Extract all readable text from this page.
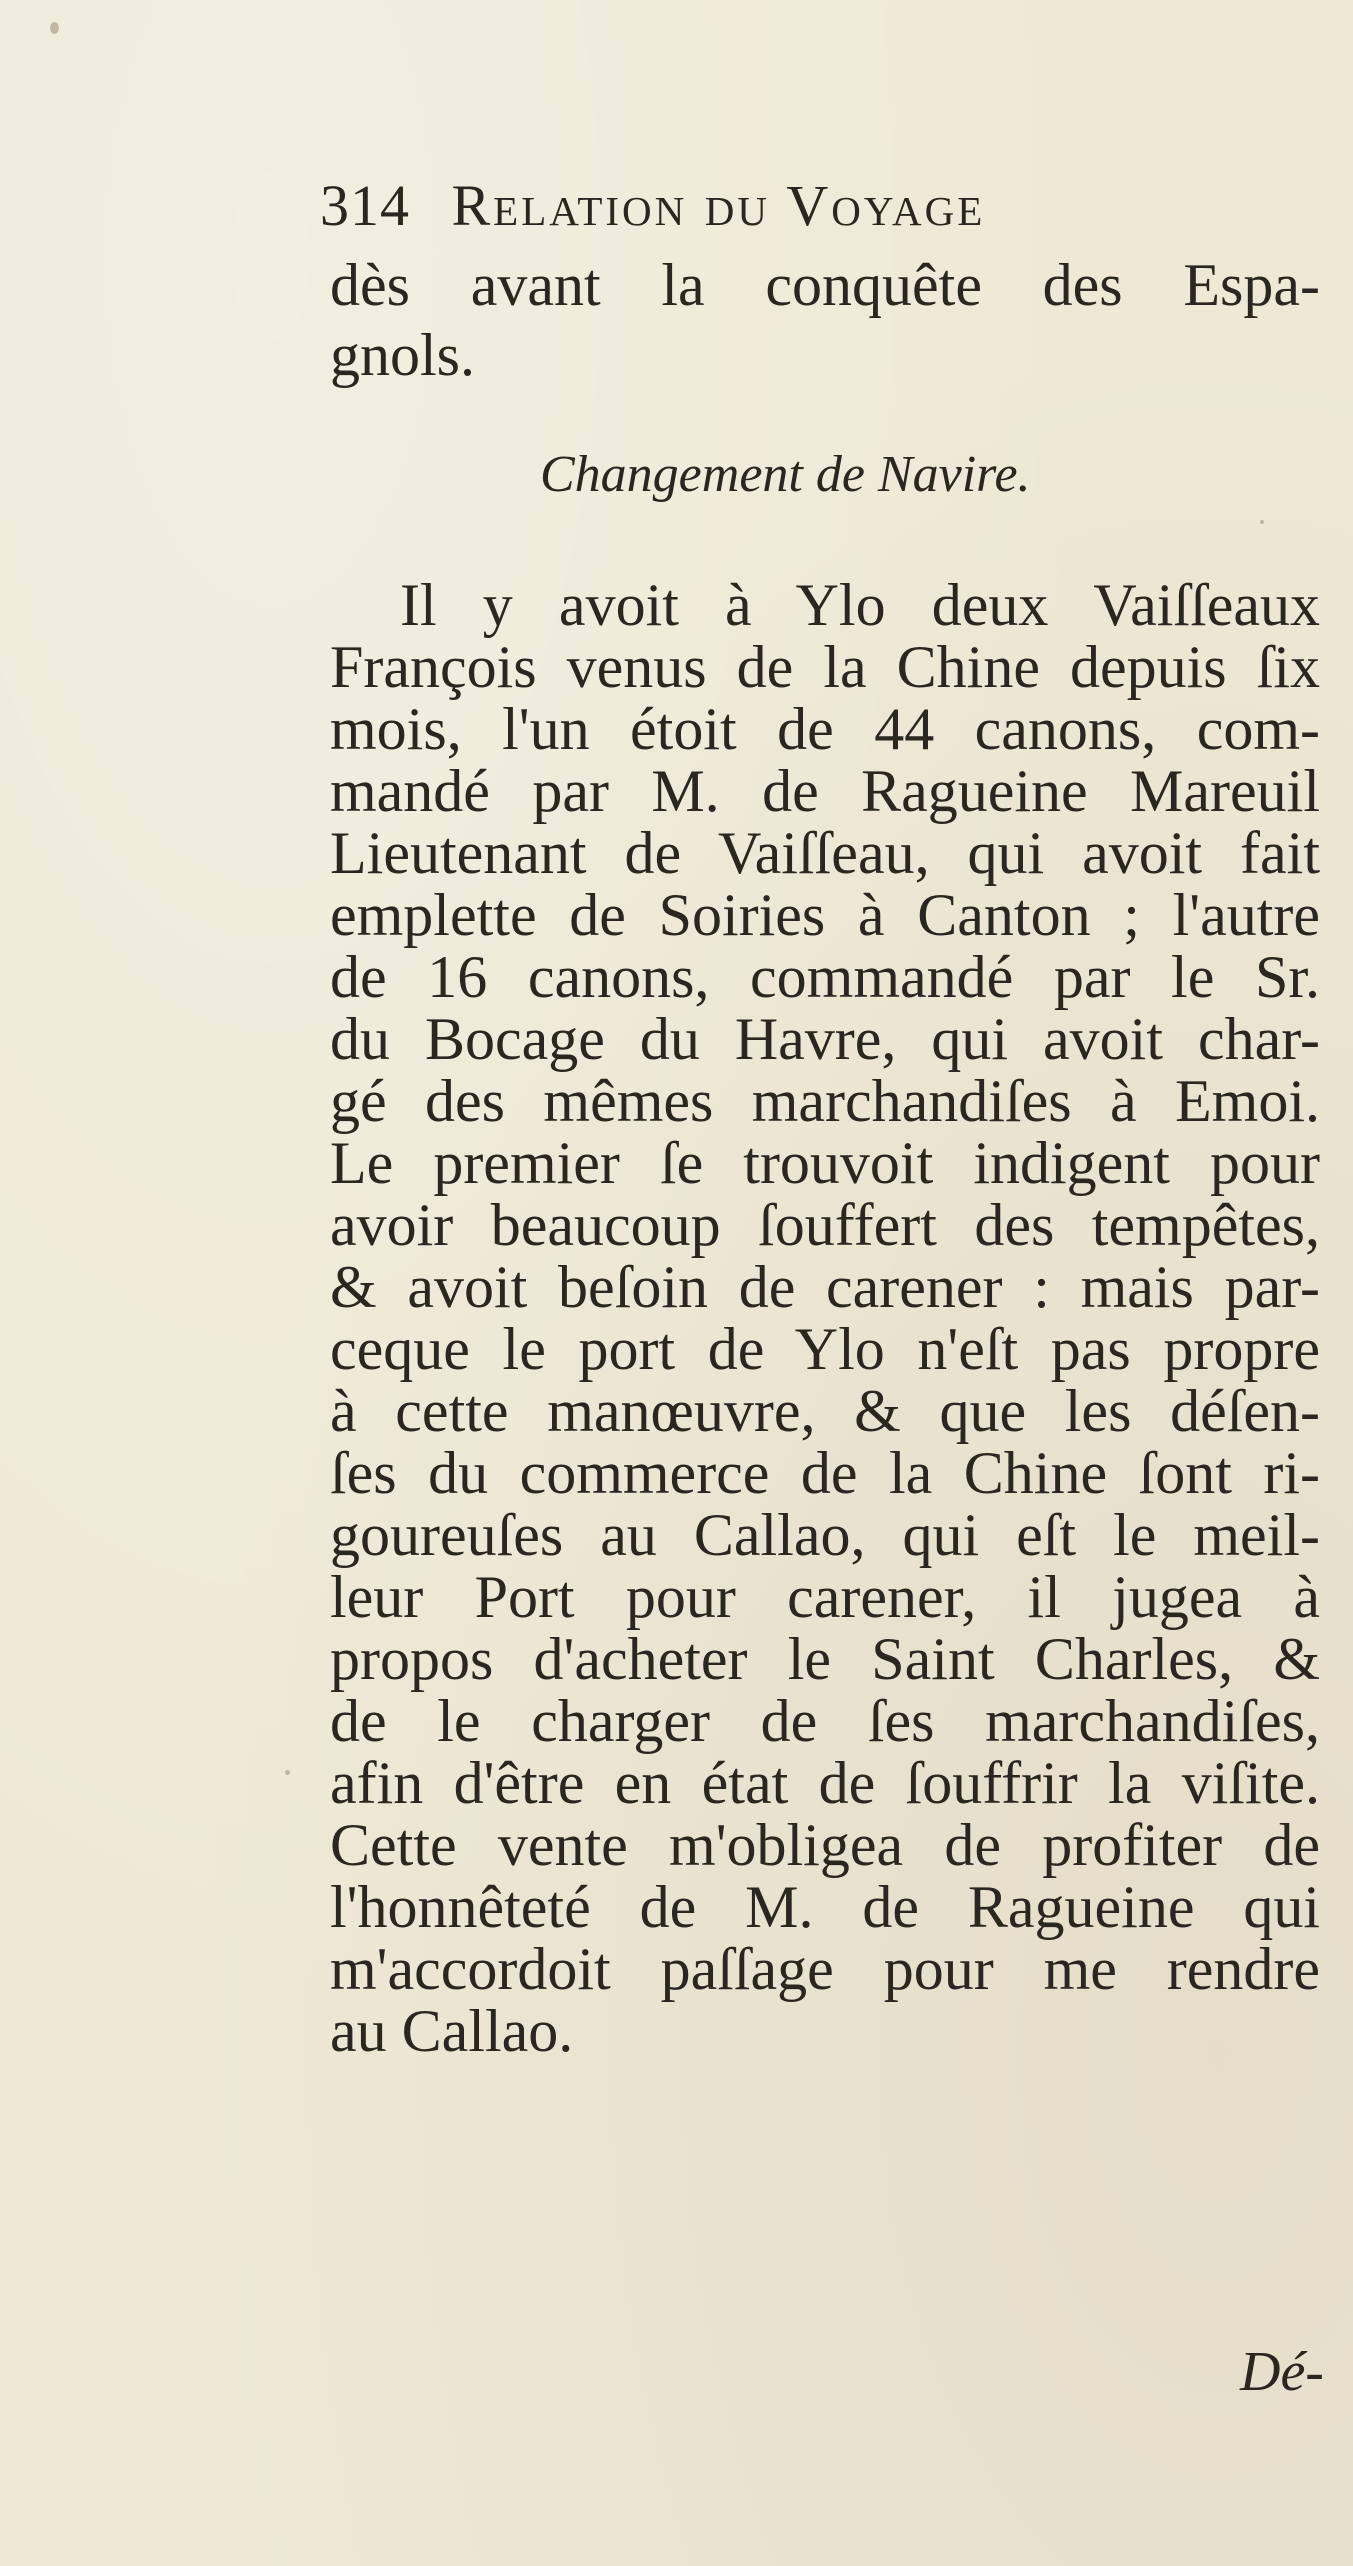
314 Relation du Voyage
dès avant la conquête des Espa-
gnols.
Changement de Navire.
Il y avoit à Ylo deux Vaiſſeaux
François venus de la Chine depuis ſix
mois, l'un étoit de 44 canons, com-
mandé par M. de Ragueine Mareuil
Lieutenant de Vaiſſeau, qui avoit fait
emplette de Soiries à Canton ; l'autre
de 16 canons, commandé par le Sr.
du Bocage du Havre, qui avoit char-
gé des mêmes marchandiſes à Emoi.
Le premier ſe trouvoit indigent pour
avoir beaucoup ſouffert des tempêtes,
& avoit beſoin de carener : mais par-
ceque le port de Ylo n'eſt pas propre
à cette manœuvre, & que les déſen-
ſes du commerce de la Chine ſont ri-
goureuſes au Callao, qui eſt le meil-
leur Port pour carener, il jugea à
propos d'acheter le Saint Charles, &
de le charger de ſes marchandiſes,
afin d'être en état de ſouffrir la viſite.
Cette vente m'obligea de profiter de
l'honnêteté de M. de Ragueine qui
m'accordoit paſſage pour me rendre
au Callao.
Dé-
